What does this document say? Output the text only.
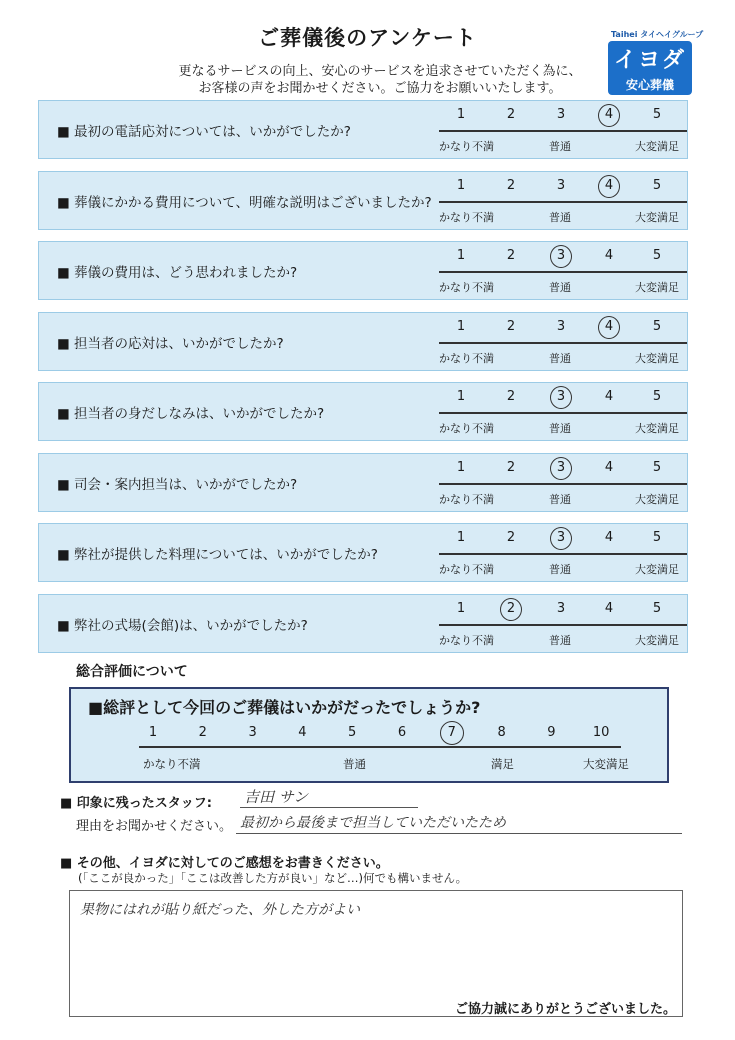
ご葬儀後のアンケート
更なるサービスの向上、安心のサービスを追求させていただく為に、
お客様の声をお聞かせください。ご協力をお願いいたします。
Taihei タイヘイグループ
イヨダ
安心葬儀
■ 最初の電話応対については、いかがでしたか?
1	2	3	4	5
かなり不満	普通	大変満足
■ 葬儀にかかる費用について、明確な説明はございましたか?
1	2	3	4	5
かなり不満	普通	大変満足
■ 葬儀の費用は、どう思われましたか?
1	2	3	4	5
かなり不満	普通	大変満足
■ 担当者の応対は、いかがでしたか?
1	2	3	4	5
かなり不満	普通	大変満足
■ 担当者の身だしなみは、いかがでしたか?
1	2	3	4	5
かなり不満	普通	大変満足
■ 司会・案内担当は、いかがでしたか?
1	2	3	4	5
かなり不満	普通	大変満足
■ 弊社が提供した料理については、いかがでしたか?
1	2	3	4	5
かなり不満	普通	大変満足
■ 弊社の式場(会館)は、いかがでしたか?
1	2	3	4	5
かなり不満	普通	大変満足
総合評価について
■総評として今回のご葬儀はいかがだったでしょうか?
1	2	3	4	5	6	7	8	9	10
かなり不満	普通	満足	大変満足
■ 印象に残ったスタッフ: 吉田 サン
理由をお聞かせください。 最初から最後まで担当していただいたため
■ その他、イヨダに対してのご感想をお書きください。
(「ここが良かった」「ここは改善した方が良い」など…)何でも構いません。
果物にはれが貼り紙だった、外した方がよい
ご協力誠にありがとうございました。
